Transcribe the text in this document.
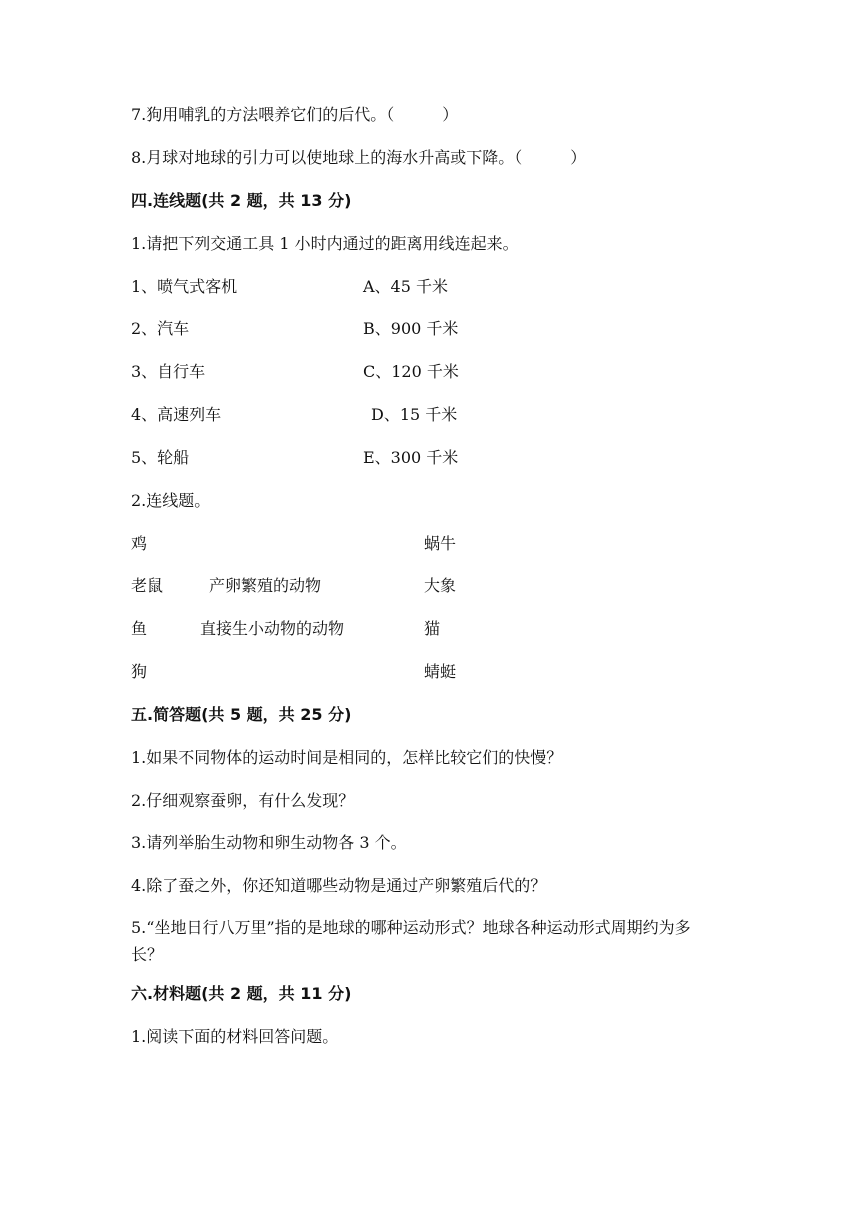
7.狗用哺乳的方法喂养它们的后代。（　　　）
8.月球对地球的引力可以使地球上的海水升高或下降。（　　　）
四.连线题(共 2 题，共 13 分)
1.请把下列交通工具 1 小时内通过的距离用线连起来。
1、喷气式客机
2、汽车
3、自行车
4、高速列车
5、轮船
A、45 千米
B、900 千米
C、120 千米
D、15 千米
E、300 千米
2.连线题。
鸡
老鼠
鱼
狗
产卵繁殖的动物
直接生小动物的动物
蜗牛
大象
猫
蜻蜓
五.简答题(共 5 题，共 25 分)
1.如果不同物体的运动时间是相同的，怎样比较它们的快慢？
2.仔细观察蚕卵，有什么发现？
3.请列举胎生动物和卵生动物各 3 个。
4.除了蚕之外，你还知道哪些动物是通过产卵繁殖后代的？
5.“坐地日行八万里”指的是地球的哪种运动形式？地球各种运动形式周期约为多长？
六.材料题(共 2 题，共 11 分)
1.阅读下面的材料回答问题。
